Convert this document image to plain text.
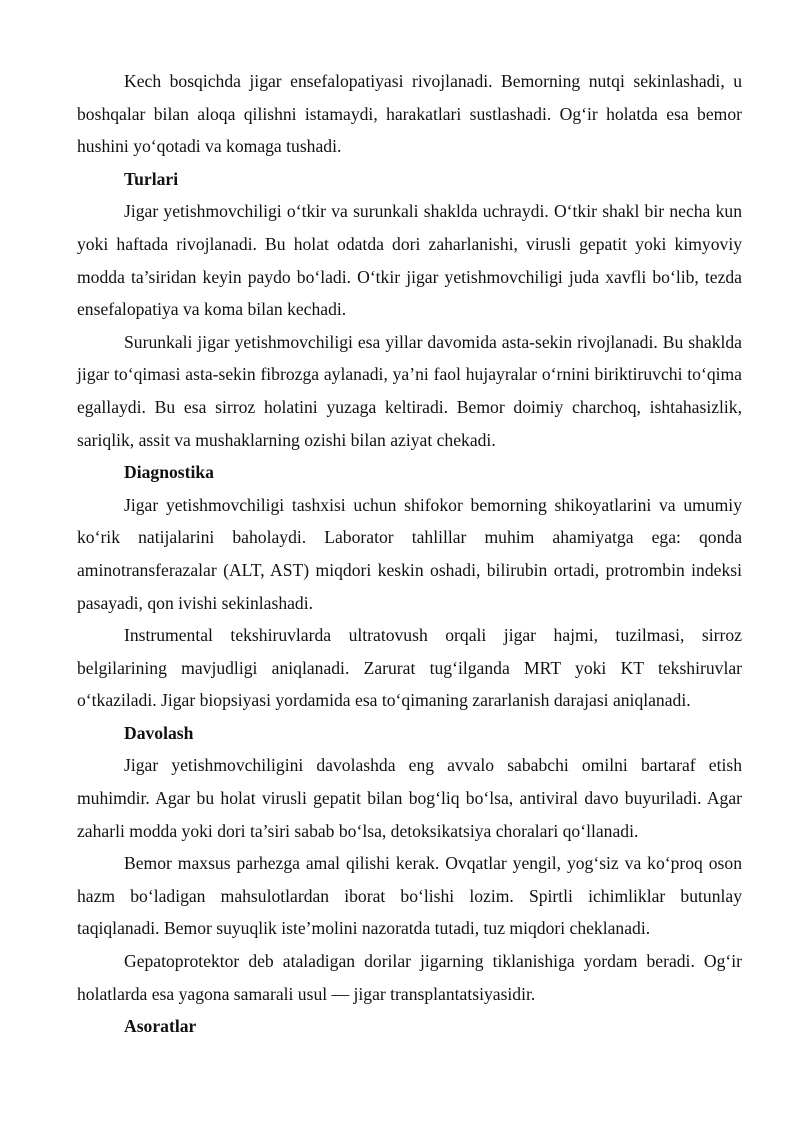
Kech bosqichda jigar ensefalopatiyasi rivojlanadi. Bemorning nutqi sekinlashadi, u boshqalar bilan aloqa qilishni istamaydi, harakatlari sustlashadi. Og‘ir holatda esa bemor hushini yo‘qotadi va komaga tushadi.

Turlari

Jigar yetishmovchiligi o‘tkir va surunkali shaklda uchraydi. O‘tkir shakl bir necha kun yoki haftada rivojlanadi. Bu holat odatda dori zaharlanishi, virusli gepatit yoki kimyoviy modda ta’siridan keyin paydo bo‘ladi. O‘tkir jigar yetishmovchiligi juda xavfli bo‘lib, tezda ensefalopatiya va koma bilan kechadi.

Surunkali jigar yetishmovchiligi esa yillar davomida asta-sekin rivojlanadi. Bu shaklda jigar to‘qimasi asta-sekin fibrozga aylanadi, ya’ni faol hujayralar o‘rnini biriktiruvchi to‘qima egallaydi. Bu esa sirroz holatini yuzaga keltiradi. Bemor doimiy charchoq, ishtahasizlik, sariqlik, assit va mushaklarning ozishi bilan aziyat chekadi.

Diagnostika

Jigar yetishmovchiligi tashxisi uchun shifokor bemorning shikoyatlarini va umumiy ko‘rik natijalarini baholaydi. Laborator tahlillar muhim ahamiyatga ega: qonda aminotransferazalar (ALT, AST) miqdori keskin oshadi, bilirubin ortadi, protrombin indeksi pasayadi, qon ivishi sekinlashadi.

Instrumental tekshiruvlarda ultratovush orqali jigar hajmi, tuzilmasi, sirroz belgilarining mavjudligi aniqlanadi. Zarurat tug‘ilganda MRT yoki KT tekshiruvlar o‘tkaziladi. Jigar biopsiyasi yordamida esa to‘qimaning zararlanish darajasi aniqlanadi.

Davolash

Jigar yetishmovchiligini davolashda eng avvalo sababchi omilni bartaraf etish muhimdir. Agar bu holat virusli gepatit bilan bog‘liq bo‘lsa, antiviral davo buyuriladi. Agar zaharli modda yoki dori ta’siri sabab bo‘lsa, detoksikatsiya choralari qo‘llanadi.

Bemor maxsus parhezga amal qilishi kerak. Ovqatlar yengil, yog‘siz va ko‘proq oson hazm bo‘ladigan mahsulotlardan iborat bo‘lishi lozim. Spirtli ichimliklar butunlay taqiqlanadi. Bemor suyuqlik iste’molini nazoratda tutadi, tuz miqdori cheklanadi.

Gepatoprotektor deb ataladigan dorilar jigarning tiklanishiga yordam beradi. Og‘ir holatlarda esa yagona samarali usul — jigar transplantatsiyasidir.

Asoratlar
